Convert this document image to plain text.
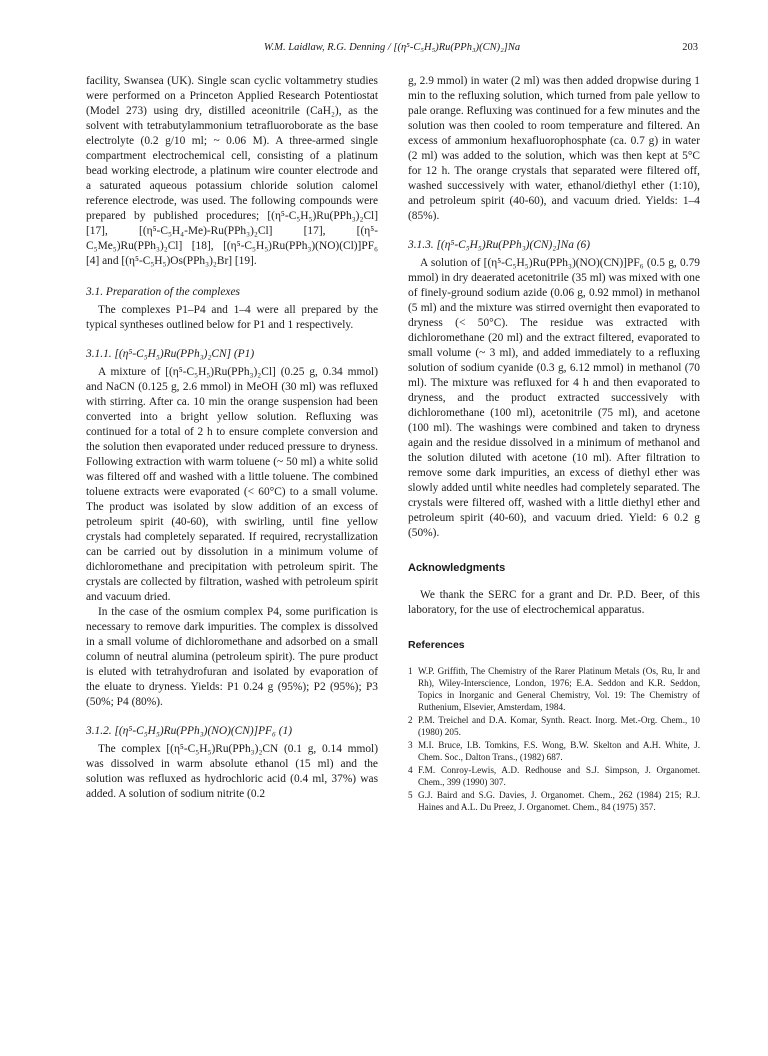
W.M. Laidlaw, R.G. Denning / [(η⁵-C₅H₅)Ru(PPh₃)(CN)₂]Na	203

facility, Swansea (UK). Single scan cyclic voltammetry studies were performed on a Princeton Applied Research Potentiostat (Model 273) using dry, distilled aceonitrile (CaH₂), as the solvent with tetrabutylammonium tetrafluoroborate as the base electrolyte (0.2 g/10 ml; ~ 0.06 M). A three-armed single compartment electrochemical cell, consisting of a platinum bead working electrode, a platinum wire counter electrode and a saturated aqueous potassium chloride solution calomel reference electrode, was used. The following compounds were prepared by published procedures; [(η⁵-C₅H₅)Ru(PPh₃)₂Cl] [17], [(η⁵-C₅H₄-Me)-Ru(PPh₃)₂Cl] [17], [(η⁵-C₅Me₅)Ru(PPh₃)₂Cl] [18], [(η⁵-C₅H₅)Ru(PPh₃)(NO)(Cl)]PF₆ [4] and [(η⁵-C₅H₅)Os(PPh₃)₂Br] [19].

3.1. Preparation of the complexes

The complexes P1–P4 and 1–4 were all prepared by the typical syntheses outlined below for P1 and 1 respectively.

3.1.1. [(η⁵-C₅H₅)Ru(PPh₃)₂CN] (P1)

A mixture of [(η⁵-C₅H₅)Ru(PPh₃)₂Cl] (0.25 g, 0.34 mmol) and NaCN (0.125 g, 2.6 mmol) in MeOH (30 ml) was refluxed with stirring. After ca. 10 min the orange suspension had been converted into a bright yellow solution. Refluxing was continued for a total of 2 h to ensure complete conversion and the solution then evaporated under reduced pressure to dryness. Following extraction with warm toluene (~ 50 ml) a white solid was filtered off and washed with a little toluene. The combined toluene extracts were evaporated (< 60°C) to a small volume. The product was isolated by slow addition of an excess of petroleum spirit (40-60), with swirling, until fine yellow crystals had completely separated. If required, recrystallization can be carried out by dissolution in a minimum volume of dichloromethane and precipitation with petroleum spirit. The crystals are collected by filtration, washed with petroleum spirit and vacuum dried.

In the case of the osmium complex P4, some purification is necessary to remove dark impurities. The complex is dissolved in a small volume of dichloromethane and adsorbed on a small column of neutral alumina (petroleum spirit). The pure product is eluted with tetrahydrofuran and isolated by evaporation of the eluate to dryness. Yields: P1 0.24 g (95%); P2 (95%); P3 (50%; P4 (80%).

3.1.2. [(η⁵-C₅H₅)Ru(PPh₃)(NO)(CN)]PF₆ (1)

The complex [(η⁵-C₅H₅)Ru(PPh₃)₂CN (0.1 g, 0.14 mmol) was dissolved in warm absolute ethanol (15 ml) and the solution was refluxed as hydrochloric acid (0.4 ml, 37%) was added. A solution of sodium nitrite (0.2

g, 2.9 mmol) in water (2 ml) was then added dropwise during 1 min to the refluxing solution, which turned from pale yellow to pale orange. Refluxing was continued for a few minutes and the solution was then cooled to room temperature and filtered. An excess of ammonium hexafluorophosphate (ca. 0.7 g) in water (2 ml) was added to the solution, which was then kept at 5°C for 12 h. The orange crystals that separated were filtered off, washed successively with water, ethanol/diethyl ether (1:10), and petroleum spirit (40-60), and vacuum dried. Yields: 1–4 (85%).

3.1.3. [(η⁵-C₅H₅)Ru(PPh₃)(CN)₂]Na (6)

A solution of [(η⁵-C₅H₅)Ru(PPh₃)(NO)(CN)]PF₆ (0.5 g, 0.79 mmol) in dry deaerated acetonitrile (35 ml) was mixed with one of finely-ground sodium azide (0.06 g, 0.92 mmol) in methanol (5 ml) and the mixture was stirred overnight then evaporated to dryness (< 50°C). The residue was extracted with dichloromethane (20 ml) and the extract filtered, evaporated to small volume (~ 3 ml), and added immediately to a refluxing solution of sodium cyanide (0.3 g, 6.12 mmol) in methanol (70 ml). The mixture was refluxed for 4 h and then evaporated to dryness, and the product extracted successively with dichloromethane (100 ml), acetonitrile (75 ml), and acetone (100 ml). The washings were combined and taken to dryness again and the residue dissolved in a minimum of methanol and the solution diluted with acetone (10 ml). After filtration to remove some dark impurities, an excess of diethyl ether was slowly added until white needles had completely separated. The crystals were filtered off, washed with a little diethyl ether and petroleum spirit (40-60), and vacuum dried. Yield: 6 0.2 g (50%).

Acknowledgments

We thank the SERC for a grant and Dr. P.D. Beer, of this laboratory, for the use of electrochemical apparatus.

References
1 W.P. Griffith, The Chemistry of the Rarer Platinum Metals (Os, Ru, Ir and Rh), Wiley-Interscience, London, 1976; E.A. Seddon and K.R. Seddon, Topics in Inorganic and General Chemistry, Vol. 19: The Chemistry of Ruthenium, Elsevier, Amsterdam, 1984.
2 P.M. Treichel and D.A. Komar, Synth. React. Inorg. Met.-Org. Chem., 10 (1980) 205.
3 M.I. Bruce, I.B. Tomkins, F.S. Wong, B.W. Skelton and A.H. White, J. Chem. Soc., Dalton Trans., (1982) 687.
4 F.M. Conroy-Lewis, A.D. Redhouse and S.J. Simpson, J. Organomet. Chem., 399 (1990) 307.
5 G.J. Baird and S.G. Davies, J. Organomet. Chem., 262 (1984) 215; R.J. Haines and A.L. Du Preez, J. Organomet. Chem., 84 (1975) 357.
